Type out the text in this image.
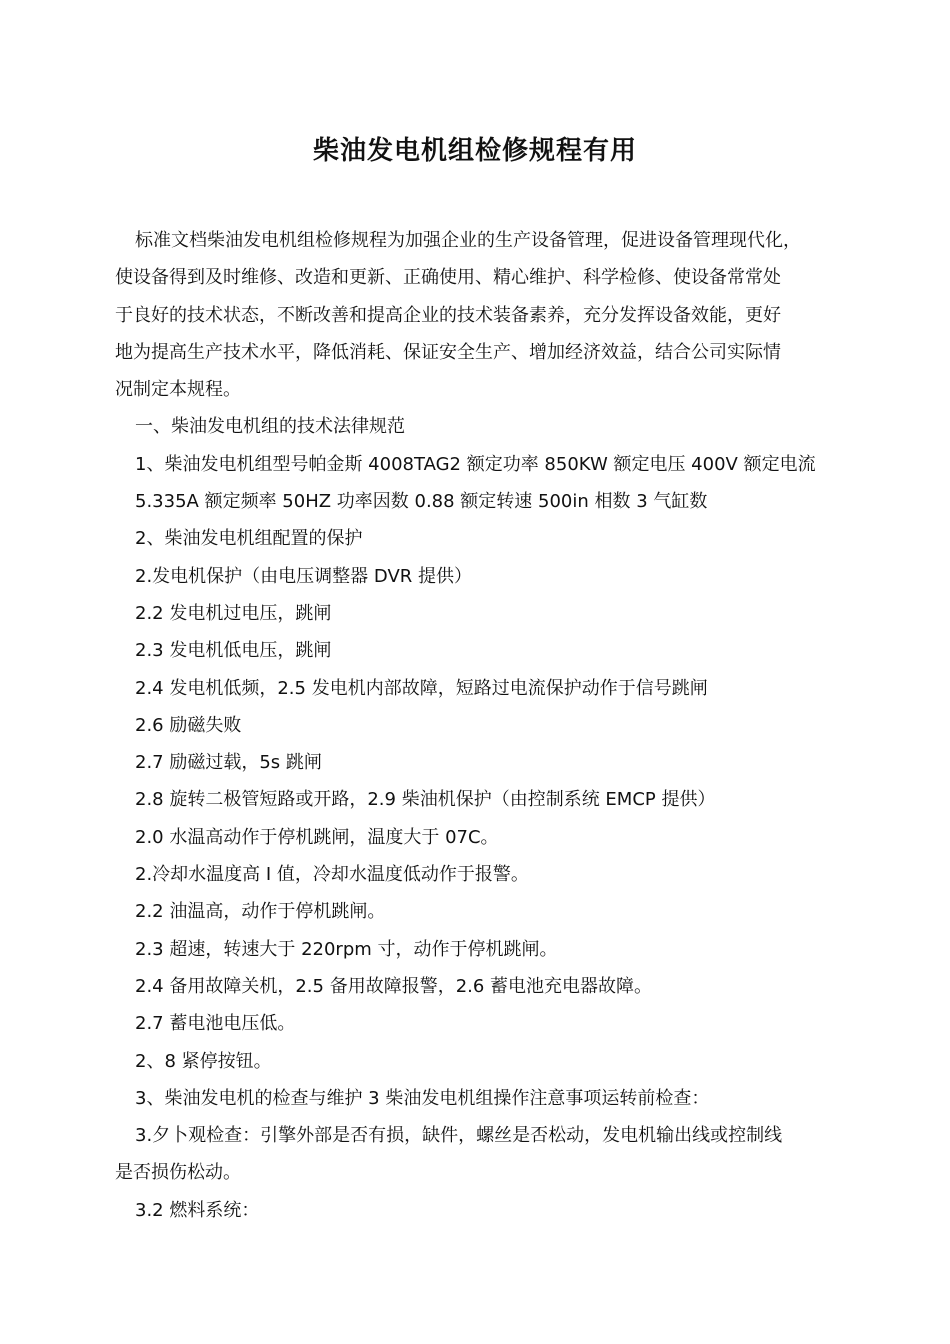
柴油发电机组检修规程有用
标准文档柴油发电机组检修规程为加强企业的生产设备管理，促进设备管理现代化，
使设备得到及时维修、改造和更新、正确使用、精心维护、科学检修、使设备常常处
于良好的技术状态，不断改善和提高企业的技术装备素养，充分发挥设备效能，更好
地为提高生产技术水平，降低消耗、保证安全生产、增加经济效益，结合公司实际情
况制定本规程。
一、柴油发电机组的技术法律规范
1、柴油发电机组型号帕金斯 4008TAG2 额定功率 850KW 额定电压 400V 额定电流
5.335A 额定频率 50HZ 功率因数 0.88 额定转速 500in 相数 3 气缸数
2、柴油发电机组配置的保护
2.发电机保护（由电压调整器 DVR 提供）
2.2 发电机过电压，跳闸
2.3 发电机低电压，跳闸
2.4 发电机低频，2.5 发电机内部故障，短路过电流保护动作于信号跳闸
2.6 励磁失败
2.7 励磁过载，5s 跳闸
2.8 旋转二极管短路或开路，2.9 柴油机保护（由控制系统 EMCP 提供）
2.0 水温高动作于停机跳闸，温度大于 07C。
2.冷却水温度高 I 值，冷却水温度低动作于报警。
2.2 油温高，动作于停机跳闸。
2.3 超速，转速大于 220rpm 寸，动作于停机跳闸。
2.4 备用故障关机，2.5 备用故障报警，2.6 蓄电池充电器故障。
2.7 蓄电池电压低。
2、8 紧停按钮。
3、柴油发电机的检查与维护 3 柴油发电机组操作注意事项运转前检查：
3.夕卜观检查：引擎外部是否有损，缺件，螺丝是否松动，发电机输出线或控制线
是否损伤松动。
3.2 燃料系统：
